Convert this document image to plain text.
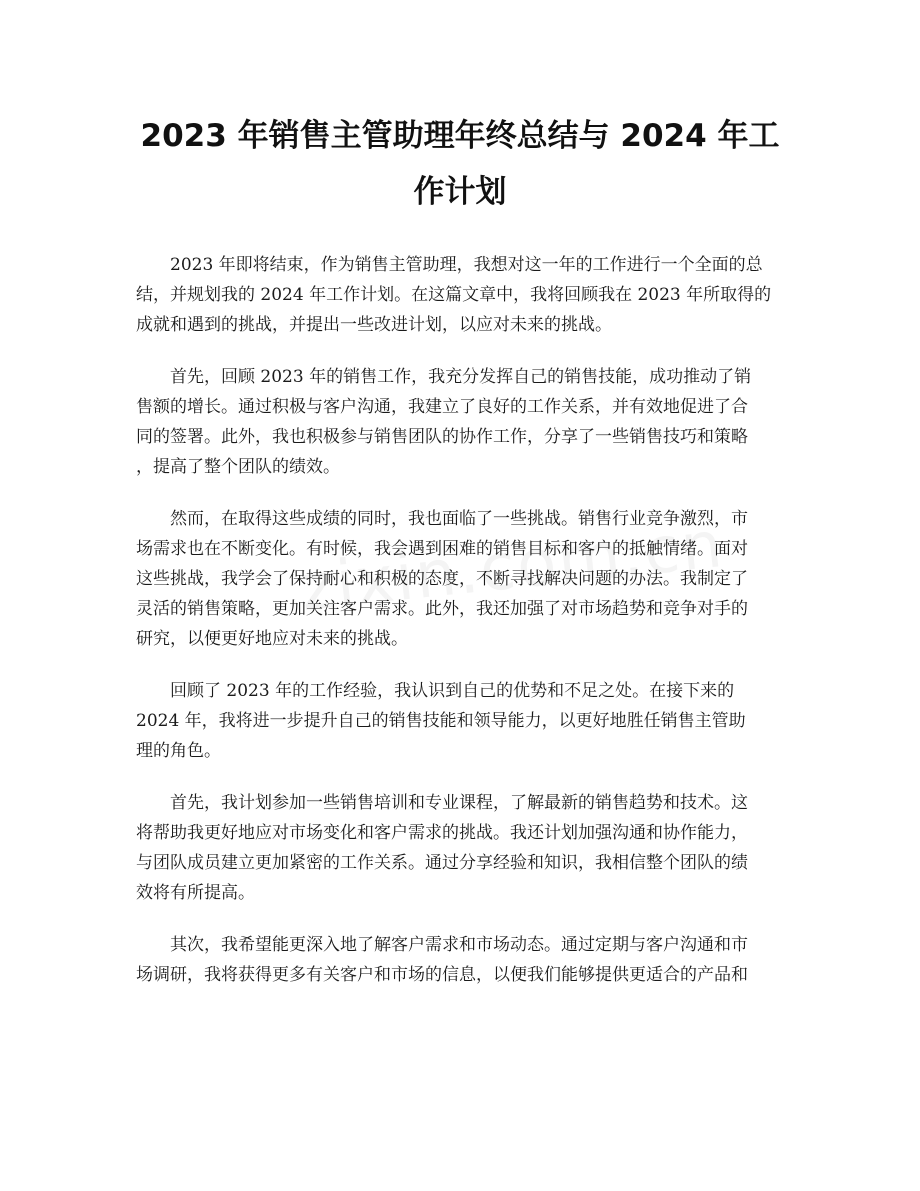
2023 年销售主管助理年终总结与 2024 年工
作计划

2023 年即将结束，作为销售主管助理，我想对这一年的工作进行一个全面的总
结，并规划我的 2024 年工作计划。在这篇文章中，我将回顾我在 2023 年所取得的
成就和遇到的挑战，并提出一些改进计划，以应对未来的挑战。

首先，回顾 2023 年的销售工作，我充分发挥自己的销售技能，成功推动了销
售额的增长。通过积极与客户沟通，我建立了良好的工作关系，并有效地促进了合
同的签署。此外，我也积极参与销售团队的协作工作，分享了一些销售技巧和策略
，提高了整个团队的绩效。

然而，在取得这些成绩的同时，我也面临了一些挑战。销售行业竞争激烈，市
场需求也在不断变化。有时候，我会遇到困难的销售目标和客户的抵触情绪。面对
这些挑战，我学会了保持耐心和积极的态度，不断寻找解决问题的办法。我制定了
灵活的销售策略，更加关注客户需求。此外，我还加强了对市场趋势和竞争对手的
研究，以便更好地应对未来的挑战。

回顾了 2023 年的工作经验，我认识到自己的优势和不足之处。在接下来的
2024 年，我将进一步提升自己的销售技能和领导能力，以更好地胜任销售主管助
理的角色。

首先，我计划参加一些销售培训和专业课程，了解最新的销售趋势和技术。这
将帮助我更好地应对市场变化和客户需求的挑战。我还计划加强沟通和协作能力，
与团队成员建立更加紧密的工作关系。通过分享经验和知识，我相信整个团队的绩
效将有所提高。

其次，我希望能更深入地了解客户需求和市场动态。通过定期与客户沟通和市
场调研，我将获得更多有关客户和市场的信息，以便我们能够提供更适合的产品和
